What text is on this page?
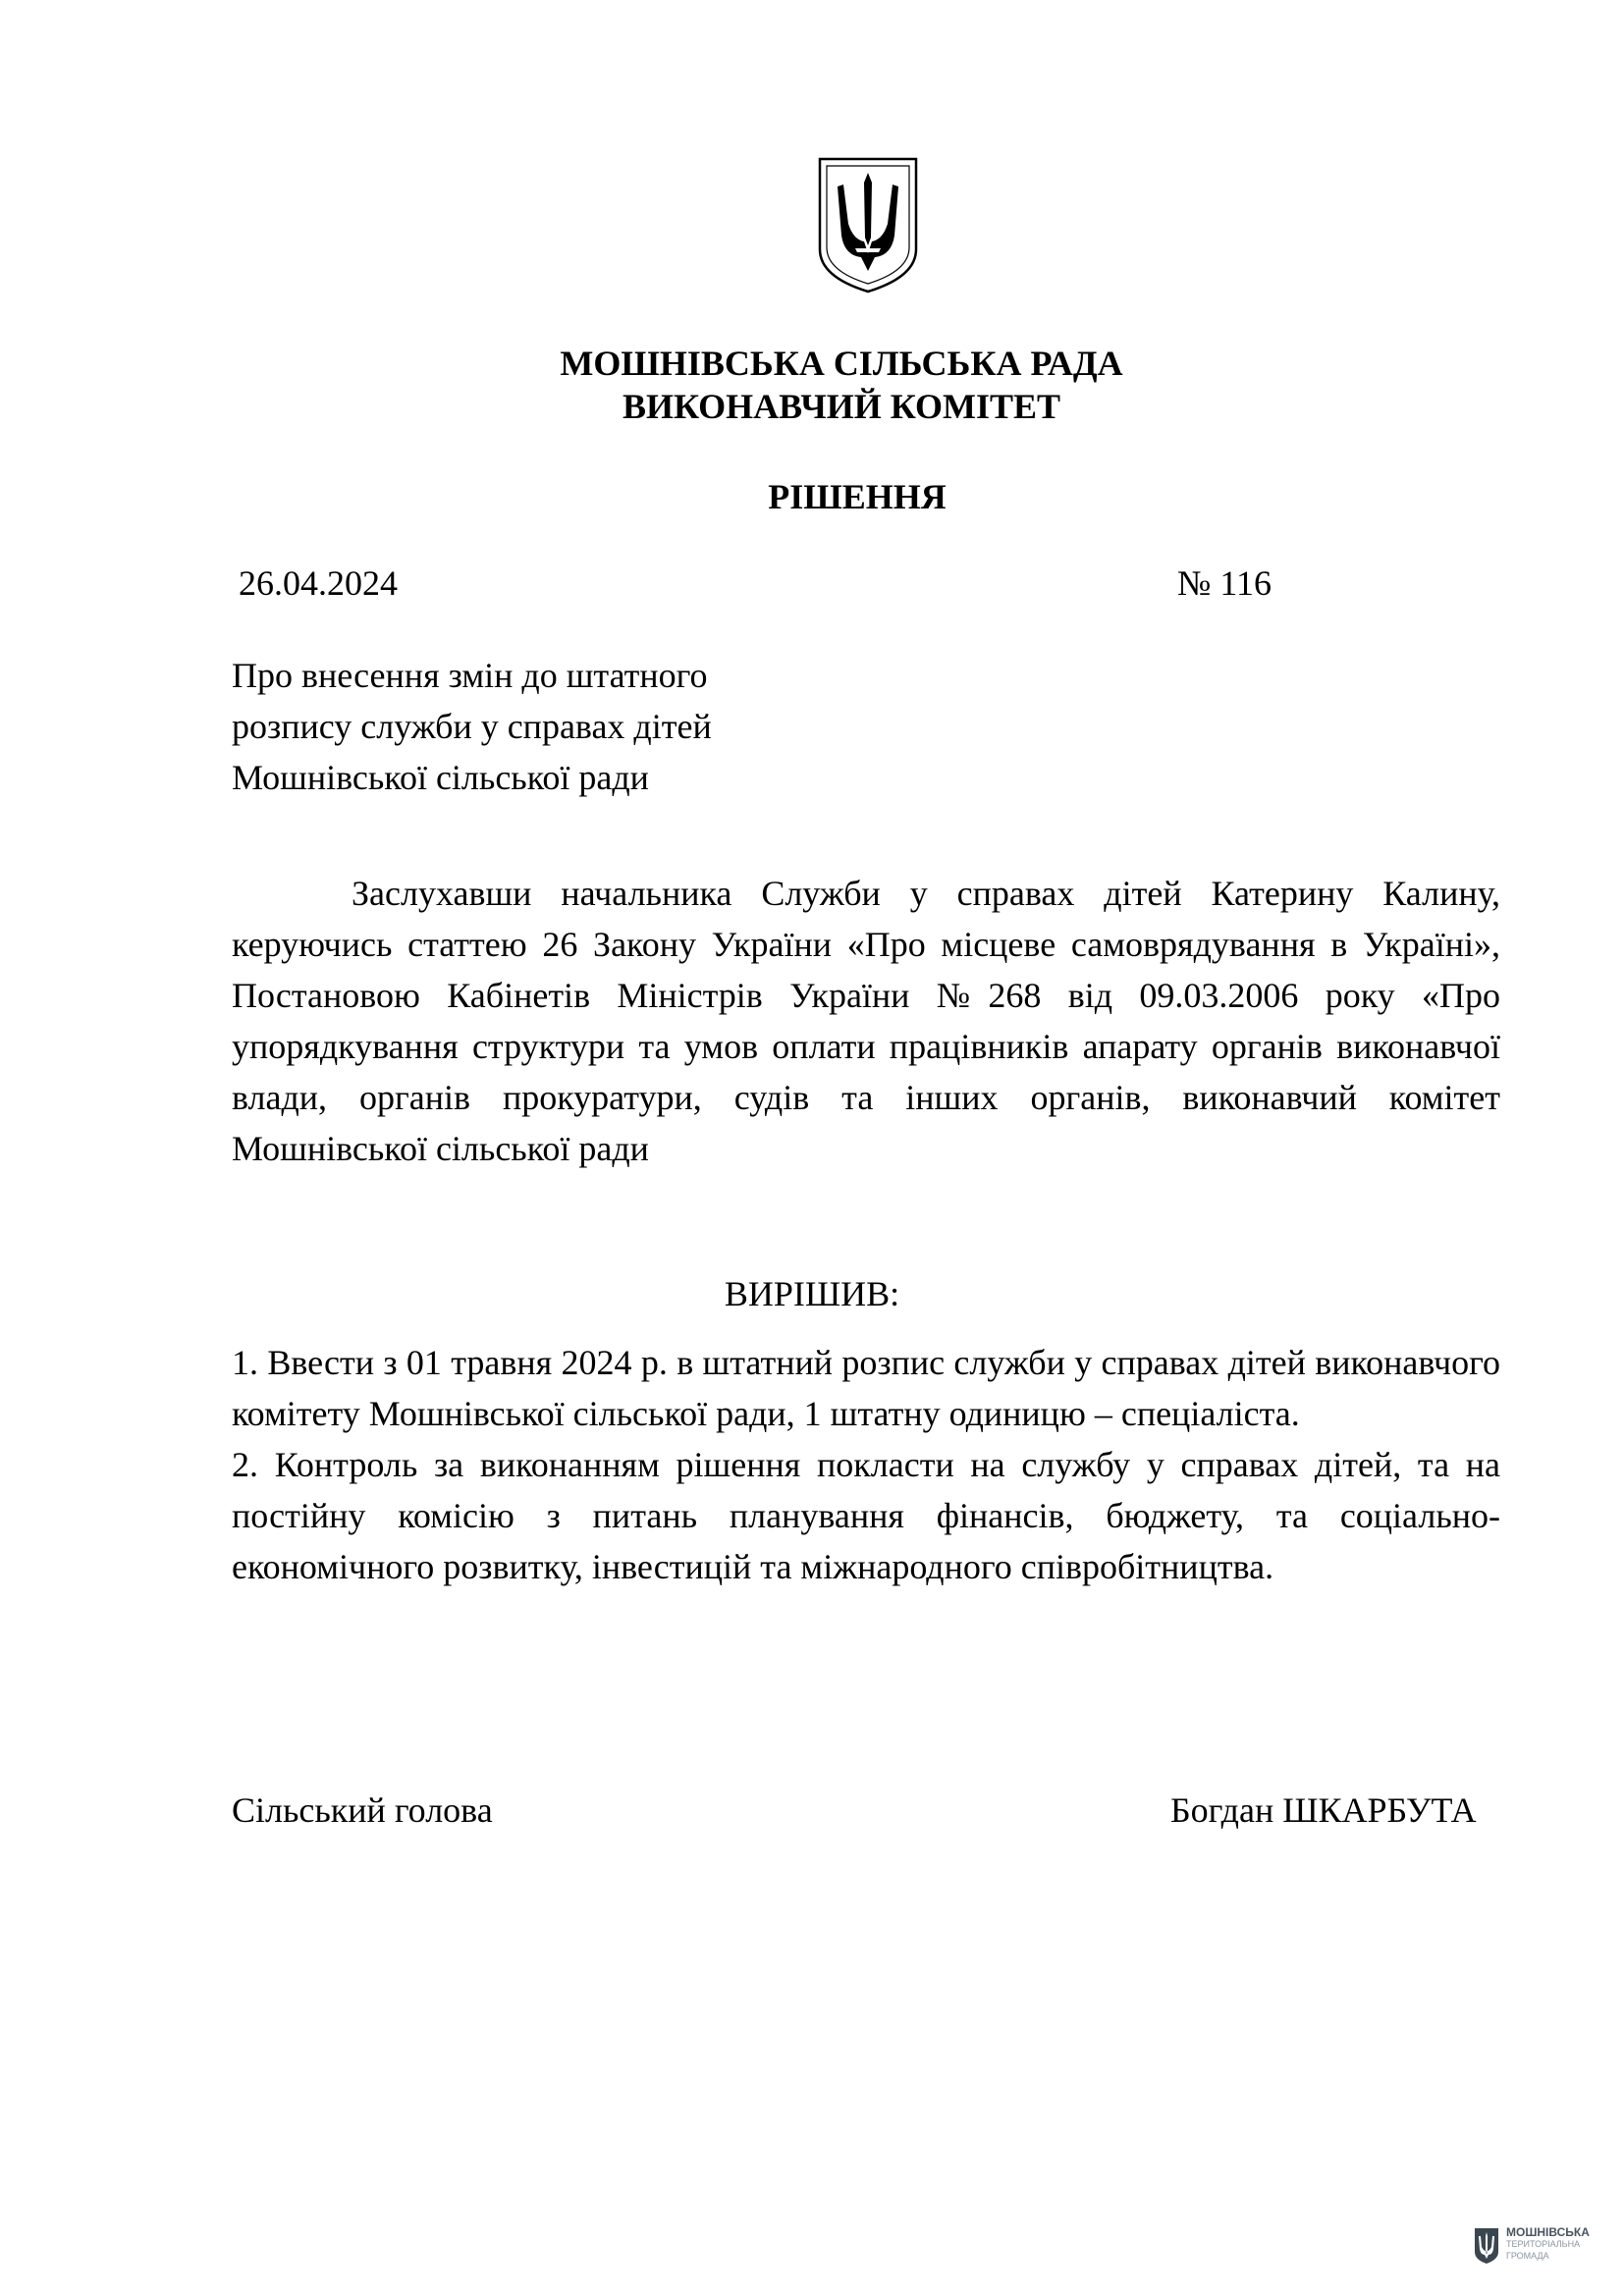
МОШНІВСЬКА СІЛЬСЬКА РАДА
ВИКОНАВЧИЙ КОМІТЕТ
РІШЕННЯ
26.04.2024	№ 116
Про внесення змін до штатного
розпису служби у справах дітей
Мошнівської сільської ради
Заслухавши начальника Служби у справах дітей Катерину Калину, керуючись статтею 26 Закону України «Про місцеве самоврядування в Україні», Постановою Кабінетів Міністрів України №268 від 09.03.2006 року «Про упорядкування структури та умов оплати працівників апарату органів виконавчої влади, органів прокуратури, судів та інших органів, виконавчий комітет Мошнівської сільської ради
ВИРІШИВ:

1. Ввести з 01 травня 2024 р. в штатний розпис служби у справах дітей виконавчого комітету Мошнівської сільської ради, 1 штатну одиницю – спеціаліста.

2. Контроль за виконанням рішення покласти на службу у справах дітей, та на постійну комісію з питань планування фінансів, бюджету, та соціально-економічного розвитку, інвестицій та міжнародного співробітництва.

Сільський голова	Богдан ШКАРБУТА
МОШНІВСЬКА
ТЕРИТОРІАЛЬНА
ГРОМАДА
